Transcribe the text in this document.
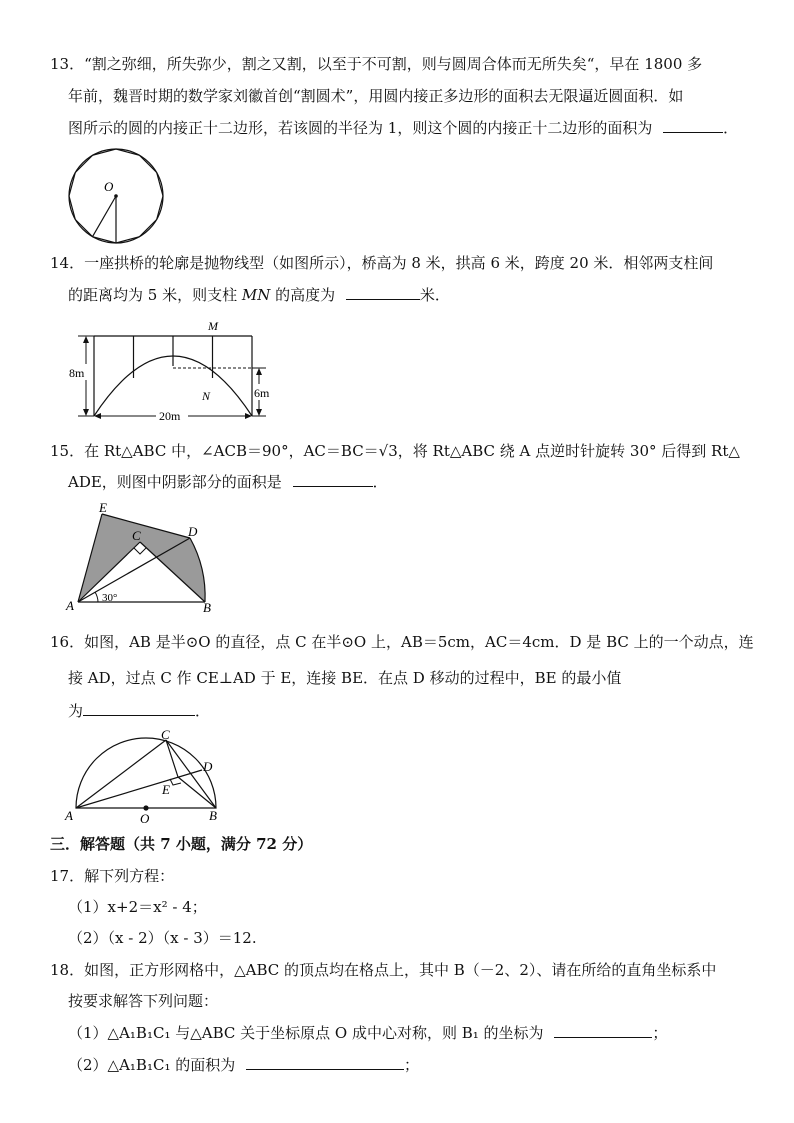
13．“割之弥细，所失弥少，割之又割，以至于不可割，则与圆周合体而无所失矣“，早在 1800 多
年前，魏晋时期的数学家刘徽首创“割圆术”，用圆内接正多边形的面积去无限逼近圆面积．如
图所示的圆的内接正十二边形，若该圆的半径为 1，则这个圆的内接正十二边形的面积为	．
O
14．一座拱桥的轮廓是抛物线型（如图所示），桥高为 8 米，拱高 6 米，跨度 20 米．相邻两支柱间
的距离均为 5 米，则支柱 MN 的高度为	米．
8m
6m
20m
M
N
15．在 Rt△ABC 中，∠ACB＝90°，AC＝BC＝√3，将 Rt△ABC 绕 A 点逆时针旋转 30° 后得到 Rt△
ADE，则图中阴影部分的面积是	．
30°
E
D
C
A	B
16．如图，AB 是半⊙O 的直径，点 C 在半⊙O 上，AB＝5cm，AC＝4cm．D 是 BC 上的一个动点，连
接 AD，过点 C 作 CE⊥AD 于 E，连接 BE．在点 D 移动的过程中，BE 的最小值
为	．
C
D
E
A	B
O
三．解答题（共 7 小题，满分 72 分）
17．解下列方程：
（1）x+2＝x² - 4；
（2）（x - 2）（x - 3）＝12.
18．如图，正方形网格中，△ABC 的顶点均在格点上，其中 B（－2、2）、请在所给的直角坐标系中
按要求解答下列问题：
（1）△A₁B₁C₁ 与△ABC 关于坐标原点 O 成中心对称，则 B₁ 的坐标为	；
（2）△A₁B₁C₁ 的面积为	；
